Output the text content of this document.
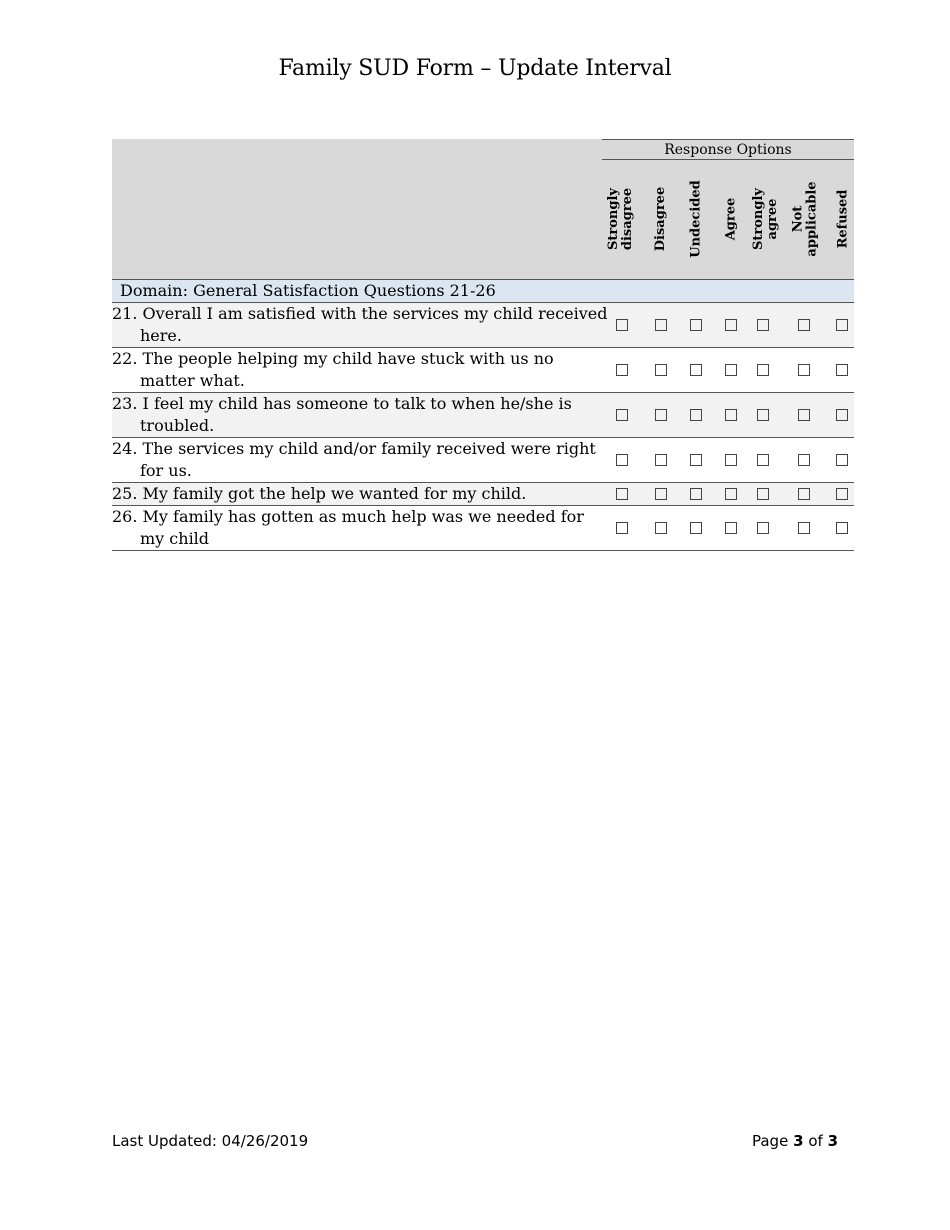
Family SUD Form – Update Interval
Response Options
Strongly
disagree Disagree Undecided Agree Strongly
agree Not
applicable Refused
Domain: General Satisfaction Questions 21-26
21. Overall I am satisfied with the services my child received here.
22. The people helping my child have stuck with us no matter what.
23. I feel my child has someone to talk to when he/she is troubled.
24. The services my child and/or family received were right for us.
25. My family got the help we wanted for my child.
26. My family has gotten as much help was we needed for my child
Last Updated: 04/26/2019	Page 3 of 3
